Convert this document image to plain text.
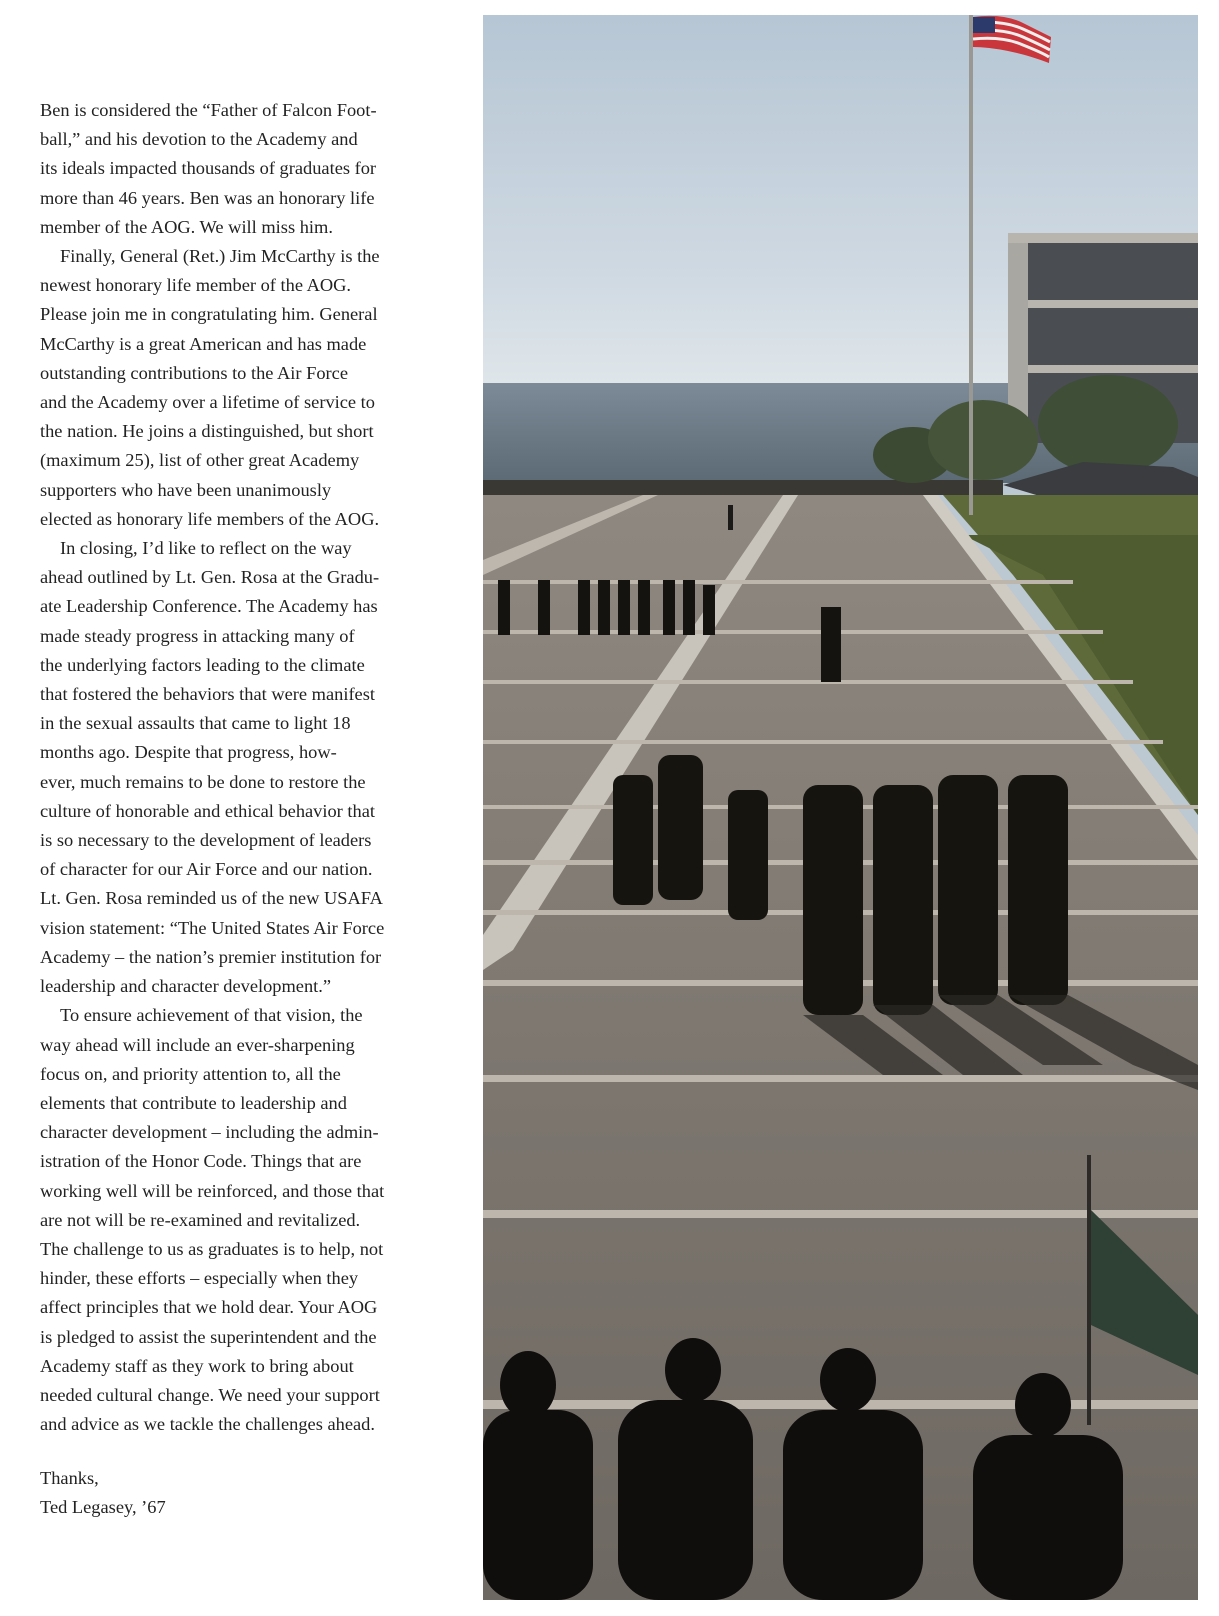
Ben is considered the “Father of Falcon Foot-

ball,” and his devotion to the Academy and

its ideals impacted thousands of graduates for

more than 46 years. Ben was an honorary life

member of the AOG. We will miss him.

Finally, General (Ret.) Jim McCarthy is the

newest honorary life member of the AOG.

Please join me in congratulating him. General

McCarthy is a great American and has made

outstanding contributions to the Air Force

and the Academy over a lifetime of service to

the nation. He joins a distinguished, but short

(maximum 25), list of other great Academy

supporters who have been unanimously

elected as honorary life members of the AOG.

In closing, I’d like to reflect on the way

ahead outlined by Lt. Gen. Rosa at the Gradu-

ate Leadership Conference. The Academy has

made steady progress in attacking many of

the underlying factors leading to the climate

that fostered the behaviors that were manifest

in the sexual assaults that came to light 18

months ago. Despite that progress, how-

ever, much remains to be done to restore the

culture of honorable and ethical behavior that

is so necessary to the development of leaders

of character for our Air Force and our nation.

Lt. Gen. Rosa reminded us of the new USAFA

vision statement: “The United States Air Force

Academy – the nation’s premier institution for

leadership and character development.”

To ensure achievement of that vision, the

way ahead will include an ever-sharpening

focus on, and priority attention to, all the

elements that contribute to leadership and

character development – including the admin-

istration of the Honor Code. Things that are

working well will be reinforced, and those that

are not will be re-examined and revitalized.

The challenge to us as graduates is to help, not

hinder, these efforts – especially when they

affect principles that we hold dear. Your AOG

is pledged to assist the superintendent and the

Academy staff as they work to bring about

needed cultural change. We need your support

and advice as we tackle the challenges ahead.

Thanks,
Ted Legasey, ’67
